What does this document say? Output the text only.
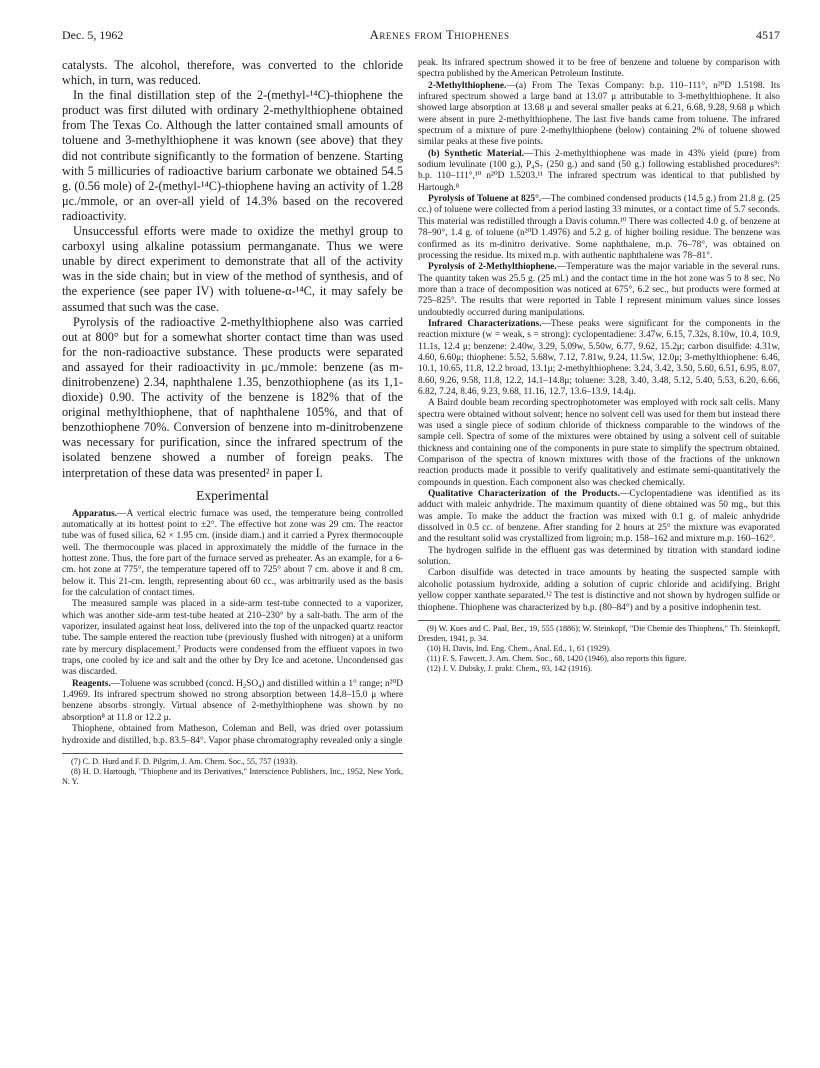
Dec. 5, 1962	Arenes from Thiophenes	4517

catalysts. The alcohol, therefore, was converted to the chloride which, in turn, was reduced.

In the final distillation step of the 2-(methyl-¹⁴C)-thiophene the product was first diluted with ordinary 2-methylthiophene obtained from The Texas Co. Although the latter contained small amounts of toluene and 3-methylthiophene it was known (see above) that they did not contribute significantly to the formation of benzene. Starting with 5 millicuries of radioactive barium carbonate we obtained 54.5 g. (0.56 mole) of 2-(methyl-¹⁴C)-thiophene having an activity of 1.28 μc./mmole, or an over-all yield of 14.3% based on the recovered radioactivity.

Unsuccessful efforts were made to oxidize the methyl group to carboxyl using alkaline potassium permanganate. Thus we were unable by direct experiment to demonstrate that all of the activity was in the side chain; but in view of the method of synthesis, and of the experience (see paper IV) with toluene-α-¹⁴C, it may safely be assumed that such was the case.

Pyrolysis of the radioactive 2-methylthiophene also was carried out at 800° but for a somewhat shorter contact time than was used for the non-radioactive substance. These products were separated and assayed for their radioactivity in μc./mmole: benzene (as m-dinitrobenzene) 2.34, naphthalene 1.35, benzothiophene (as its 1,1-dioxide) 0.90. The activity of the benzene is 182% that of the original methylthiophene, that of naphthalene 105%, and that of benzothiophene 70%. Conversion of benzene into m-dinitrobenzene was necessary for purification, since the infrared spectrum of the isolated benzene showed a number of foreign peaks. The interpretation of these data was presented² in paper I.

Experimental

Apparatus.—A vertical electric furnace was used, the temperature being controlled automatically at its hottest point to ±2°. The effective hot zone was 29 cm. The reactor tube was of fused silica, 62 × 1.95 cm. (inside diam.) and it carried a Pyrex thermocouple well. The thermocouple was placed in approximately the middle of the furnace in the hottest zone. Thus, the fore part of the furnace served as preheater. As an example, for a 6-cm. hot zone at 775°, the temperature tapered off to 725° about 7 cm. above it and 8 cm. below it. This 21-cm. length, representing about 60 cc., was arbitrarily used as the basis for the calculation of contact times.

The measured sample was placed in a side-arm test-tube connected to a vaporizer, which was another side-arm test-tube heated at 210–230° by a salt-bath. The arm of the vaporizer, insulated against heat loss, delivered into the top of the unpacked quartz reactor tube. The sample entered the reaction tube (previously flushed with nitrogen) at a uniform rate by mercury displacement.⁷ Products were condensed from the effluent vapors in two traps, one cooled by ice and salt and the other by Dry Ice and acetone. Uncondensed gas was discarded.

Reagents.—Toluene was scrubbed (concd. H₂SO₄) and distilled within a 1° range; n²⁰D 1.4969. Its infrared spectrum showed no strong absorption between 14.8–15.0 μ where benzene absorbs strongly. Virtual absence of 2-methylthiophene was shown by no absorption⁸ at 11.8 or 12.2 μ.

Thiophene, obtained from Matheson, Coleman and Bell, was dried over potassium hydroxide and distilled, b.p. 83.5–84°. Vapor phase chromatography revealed only a single

(7) C. D. Hurd and F. D. Pilgrim, J. Am. Chem. Soc., 55, 757 (1933).

(8) H. D. Hartough, "Thiophene and its Derivatives," Interscience Publishers, Inc., 1952, New York, N. Y.

peak. Its infrared spectrum showed it to be free of benzene and toluene by comparison with spectra published by the American Petroleum Institute.

2-Methylthiophene.—(a) From The Texas Company: b.p. 110–111°, n²⁰D 1.5198. Its infrared spectrum showed a large band at 13.07 μ attributable to 3-methylthiophene. It also showed large absorption at 13.68 μ and several smaller peaks at 6.21, 6.68, 9.28, 9.68 μ which were absent in pure 2-methylthiophene. The last five bands came from toluene. The infrared spectrum of a mixture of pure 2-methylthiophene (below) containing 2% of toluene showed similar peaks at these five points.

(b) Synthetic Material.—This 2-methylthiophene was made in 43% yield (pure) from sodium levulinate (100 g.), P₄S₇ (250 g.) and sand (50 g.) following established procedures⁹: b.p. 110–111°,¹⁰ n²⁰D 1.5203.¹¹ The infrared spectrum was identical to that published by Hartough.⁸

Pyrolysis of Toluene at 825°.—The combined condensed products (14.5 g.) from 21.8 g. (25 cc.) of toluene were collected from a period lasting 33 minutes, or a contact time of 5.7 seconds. This material was redistilled through a Davis column.¹⁰ There was collected 4.0 g. of benzene at 78–90°, 1.4 g. of toluene (n²⁰D 1.4976) and 5.2 g. of higher boiling residue. The benzene was confirmed as its m-dinitro derivative. Some naphthalene, m.p. 76–78°, was obtained on processing the residue. Its mixed m.p. with authentic naphthalene was 78–81°.

Pyrolysis of 2-Methylthiophene.—Temperature was the major variable in the several runs. The quantity taken was 25.5 g. (25 ml.) and the contact time in the hot zone was 5 to 8 sec. No more than a trace of decomposition was noticed at 675°, 6.2 sec., but products were formed at 725–825°. The results that were reported in Table I represent minimum values since losses undoubtedly occurred during manipulations.

Infrared Characterizations.—These peaks were significant for the components in the reaction mixture (w = weak, s = strong): cyclopentadiene: 3.47w, 6.15, 7.32s, 8.10w, 10.4, 10.9, 11.1s, 12.4 μ; benzene: 2.40w, 3.29, 5.09w, 5.50w, 6.77, 9.62, 15.2μ; carbon disulfide: 4.31w, 4.60, 6.60μ; thiophene: 5.52, 5.68w, 7.12, 7.81w, 9.24, 11.5w, 12.0μ; 3-methylthiophene: 6.46, 10.1, 10.65, 11.8, 12.2 broad, 13.1μ; 2-methylthiophene: 3.24, 3.42, 3.50, 5.60, 6.51, 6.95, 8.07, 8.60, 9.26, 9.58, 11.8, 12.2, 14.1–14.8μ; toluene: 3.28, 3.40, 3.48, 5.12, 5.40, 5.53, 6.20, 6.66, 6.82, 7.24, 8.46, 9.23, 9.68, 11.16, 12.7, 13.6–13.9, 14.4μ.

A Baird double beam recording spectrophotometer was employed with rock salt cells. Many spectra were obtained without solvent; hence no solvent cell was used for them but instead there was used a single piece of sodium chloride of thickness comparable to the windows of the sample cell. Spectra of some of the mixtures were obtained by using a solvent cell of suitable thickness and containing one of the components in pure state to simplify the spectrum obtained. Comparison of the spectra of known mixtures with those of the fractions of the unknown reaction products made it possible to verify qualitatively and estimate semi-quantitatively the compounds in question. Each component also was checked chemically.

Qualitative Characterization of the Products.—Cyclopentadiene was identified as its adduct with maleic anhydride. The maximum quantity of diene obtained was 50 mg., but this was ample. To make the adduct the fraction was mixed with 0.1 g. of maleic anhydride dissolved in 0.5 cc. of benzene. After standing for 2 hours at 25° the mixture was evaporated and the resultant solid was crystallized from ligroin; m.p. 158–162 and mixture m.p. 160–162°.

The hydrogen sulfide in the effluent gas was determined by titration with standard iodine solution.

Carbon disulfide was detected in trace amounts by heating the suspected sample with alcoholic potassium hydroxide, adding a solution of cupric chloride and acidifying. Bright yellow copper xanthate separated.¹² The test is distinctive and not shown by hydrogen sulfide or thiophene. Thiophene was characterized by b.p. (80–84°) and by a positive indophenin test.

(9) W. Kues and C. Paal, Ber., 19, 555 (1886); W. Steinkopf, "Die Chemie des Thiophens," Th. Steinkopff, Dresden, 1941, p. 34.

(10) H. Davis, Ind. Eng. Chem., Anal. Ed., 1, 61 (1929).

(11) F. S. Fawcett, J. Am. Chem. Soc., 68, 1420 (1946), also reports this figure.

(12) J. V. Dubsky, J. prakt. Chem., 93, 142 (1916).
